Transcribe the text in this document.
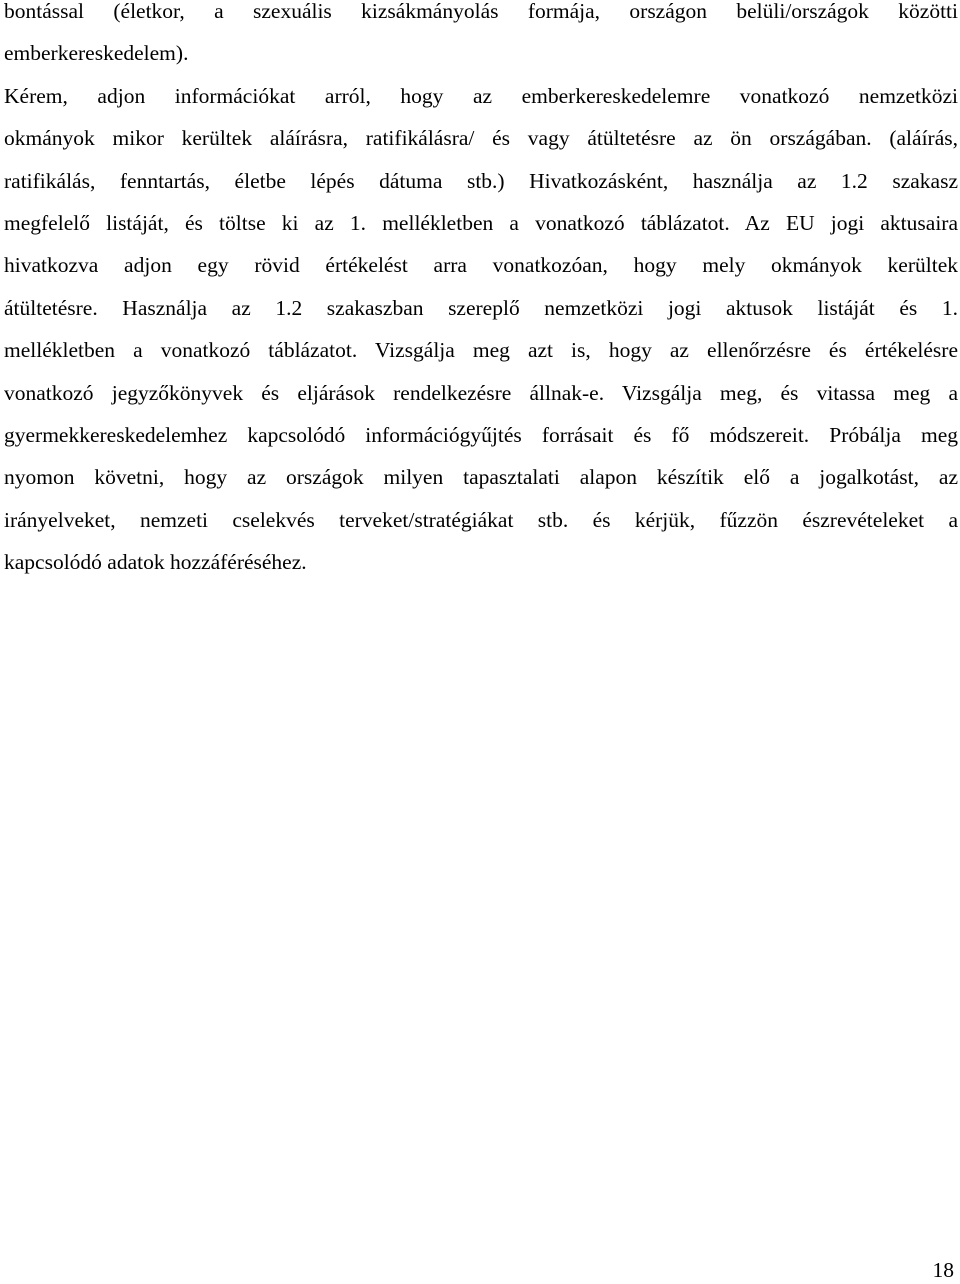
bontással (életkor, a szexuális kizsákmányolás formája, országon belüli/országok közötti
emberkereskedelem).
Kérem, adjon információkat arról, hogy az emberkereskedelemre vonatkozó nemzetközi
okmányok mikor kerültek aláírásra, ratifikálásra/ és vagy átültetésre az ön országában. (aláírás,
ratifikálás, fenntartás, életbe lépés dátuma stb.) Hivatkozásként, használja az 1.2 szakasz
megfelelő listáját, és töltse ki az 1. mellékletben a vonatkozó táblázatot. Az EU jogi aktusaira
hivatkozva adjon egy rövid értékelést arra vonatkozóan, hogy mely okmányok kerültek
átültetésre. Használja az 1.2 szakaszban szereplő nemzetközi jogi aktusok listáját és 1.
mellékletben a vonatkozó táblázatot. Vizsgálja meg azt is, hogy az ellenőrzésre és értékelésre
vonatkozó jegyzőkönyvek és eljárások rendelkezésre állnak-e. Vizsgálja meg, és vitassa meg a
gyermekkereskedelemhez kapcsolódó információgyűjtés forrásait és fő módszereit. Próbálja meg
nyomon követni, hogy az országok milyen tapasztalati alapon készítik elő a jogalkotást, az
irányelveket, nemzeti cselekvés terveket/stratégiákat stb. és kérjük, fűzzön észrevételeket a
kapcsolódó adatok hozzáféréséhez.

18
